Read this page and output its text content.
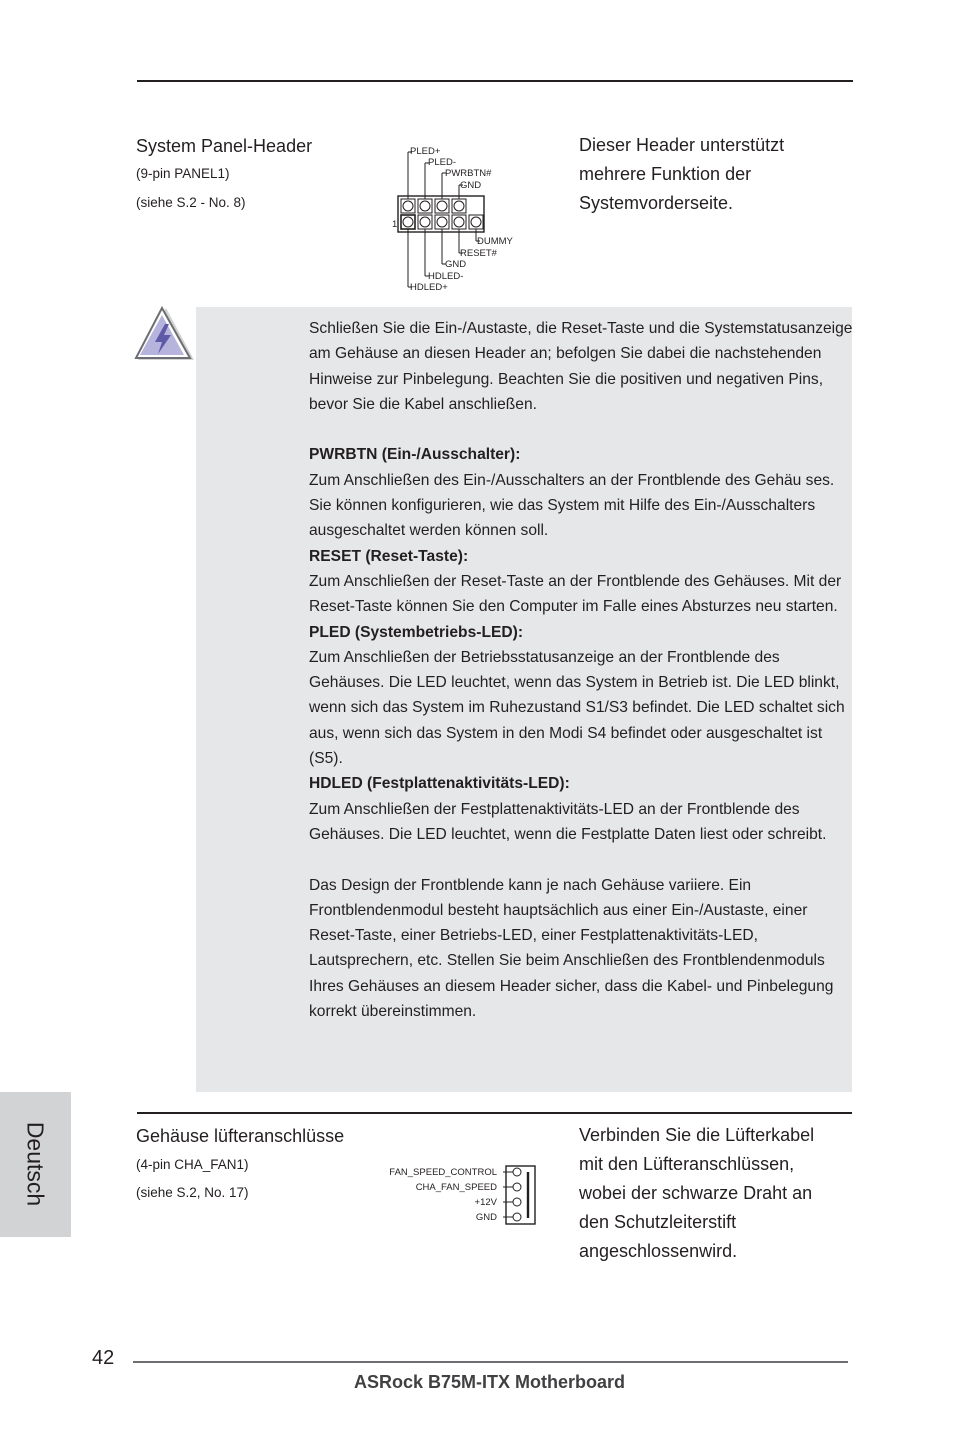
System Panel-Header
(9-pin PANEL1)
(siehe S.2 - No. 8)
PLED+
PLED-
PWRBTN#
GND
DUMMY
RESET#
GND
HDLED-
HDLED+
1
Dieser Header unterstützt
mehrere Funktion der
Systemvorderseite.

Schließen Sie die Ein-/Austaste, die Reset-Taste und die Systemstatusanzeige am Gehäuse an diesen Header an; befolgen Sie dabei die nachstehenden Hinweise zur Pinbelegung. Beachten Sie die positiven und negativen Pins, bevor Sie die Kabel anschließen.

PWRBTN (Ein-/Ausschalter):

Zum Anschließen des Ein-/Ausschalters an der Frontblende des Gehäu ses. Sie können konfigurieren, wie das System mit Hilfe des Ein-/Ausschalters ausgeschaltet werden können soll.

RESET (Reset-Taste):

Zum Anschließen der Reset-Taste an der Frontblende des Gehäuses. Mit der Reset-Taste können Sie den Computer im Falle eines Absturzes neu starten.

PLED (Systembetriebs-LED):

Zum Anschließen der Betriebsstatusanzeige an der Frontblende des Gehäuses. Die LED leuchtet, wenn das System in Betrieb ist. Die LED blinkt, wenn sich das System im Ruhezustand S1/S3 befindet. Die LED schaltet sich aus, wenn sich das System in den Modi S4 befindet oder ausgeschaltet ist (S5).

HDLED (Festplattenaktivitäts-LED):

Zum Anschließen der Festplattenaktivitäts-LED an der Frontblende des Gehäuses. Die LED leuchtet, wenn die Festplatte Daten liest oder schreibt.

Das Design der Frontblende kann je nach Gehäuse variiere. Ein Frontblendenmodul besteht hauptsächlich aus einer Ein-/Austaste, einer Reset-Taste, einer Betriebs-LED, einer Festplattenaktivitäts-LED, Lautsprechern, etc. Stellen Sie beim Anschließen des Frontblendenmoduls Ihres Gehäuses an diesem Header sicher, dass die Kabel- und Pinbelegung korrekt übereinstimmen.

Gehäuse lüfteranschlüsse
(4-pin CHA_FAN1)
(siehe S.2, No. 17)
FAN_SPEED_CONTROL
CHA_FAN_SPEED
+12V
GND
Verbinden Sie die Lüfterkabel
mit den Lüfteranschlüssen,
wobei der schwarze Draht an
den Schutzleiterstift
angeschlossenwird.
Deutsch
42
ASRock B75M-ITX Motherboard
